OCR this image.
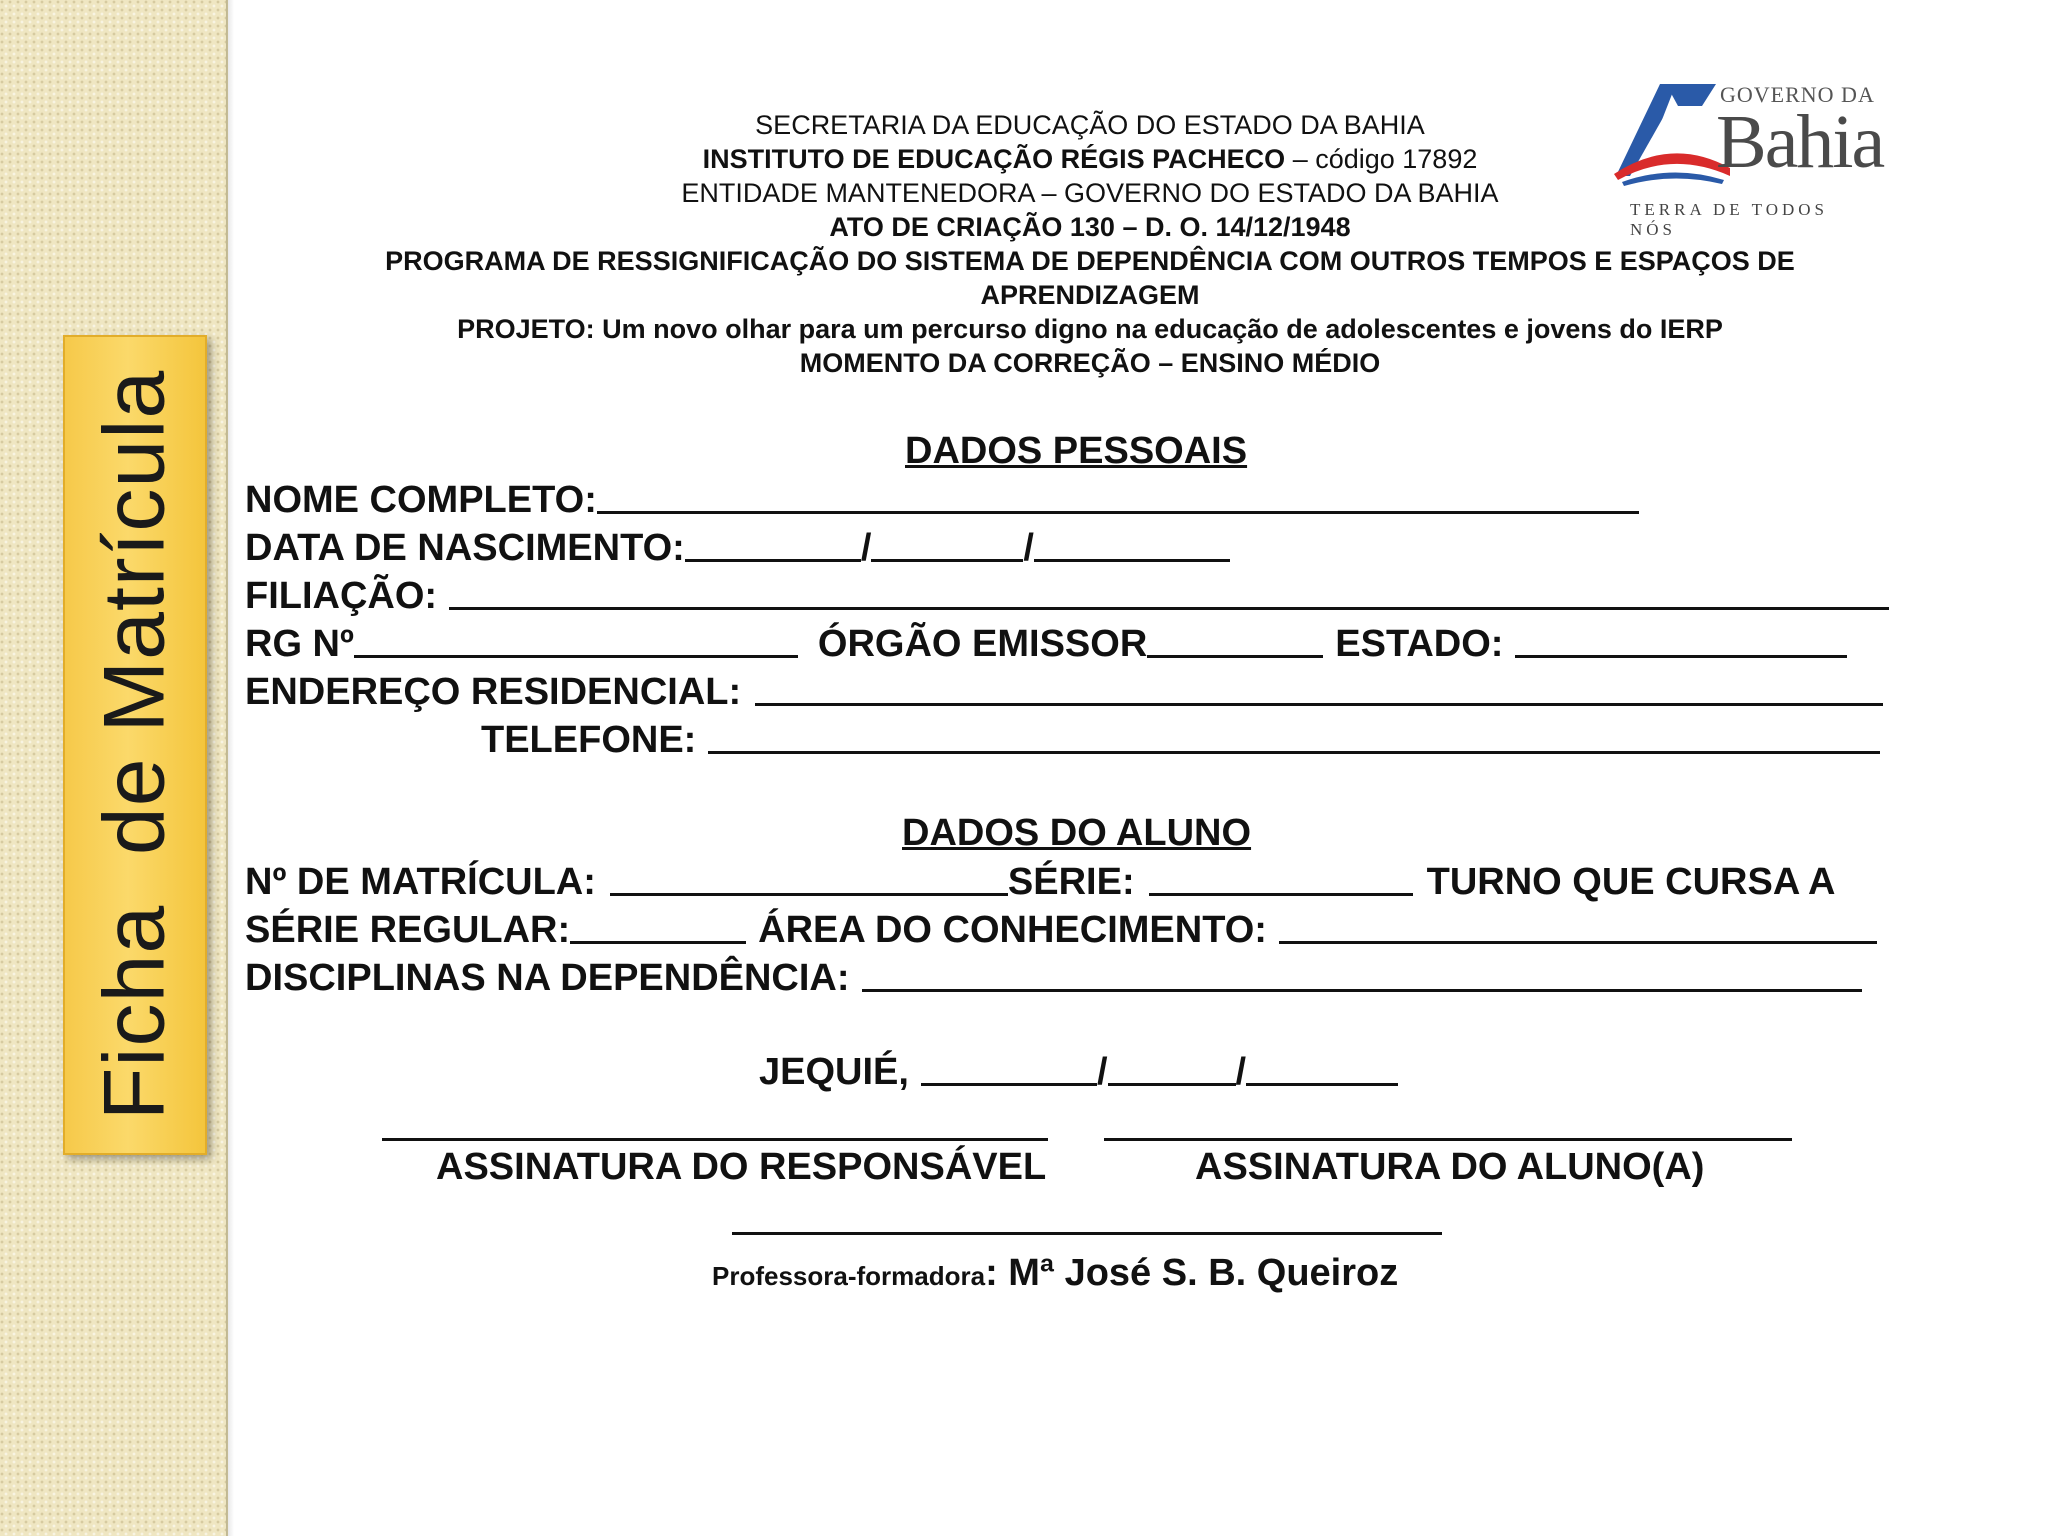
Ficha  de Matrícula
GOVERNO DA
Bahia
TERRA DE TODOS NÓS
SECRETARIA DA EDUCAÇÃO DO ESTADO DA BAHIA
INSTITUTO DE EDUCAÇÃO RÉGIS PACHECO – código 17892
ENTIDADE MANTENEDORA – GOVERNO DO ESTADO DA BAHIA
ATO DE CRIAÇÃO 130 – D. O. 14/12/1948
PROGRAMA DE RESSIGNIFICAÇÃO DO SISTEMA DE DEPENDÊNCIA COM OUTROS TEMPOS E ESPAÇOS DE
APRENDIZAGEM
PROJETO: Um novo olhar para um percurso digno na educação de adolescentes e jovens do IERP
MOMENTO DA CORREÇÃO – ENSINO MÉDIO
DADOS PESSOAIS
NOME COMPLETO:
DATA DE NASCIMENTO:	/	/
FILIAÇÃO:
RG Nº	ÓRGÃO EMISSOR	ESTADO:
ENDEREÇO RESIDENCIAL:
TELEFONE:
DADOS DO ALUNO
Nº DE MATRÍCULA:	SÉRIE:	TURNO QUE CURSA A
SÉRIE REGULAR:	ÁREA DO CONHECIMENTO:
DISCIPLINAS NA DEPENDÊNCIA:
JEQUIÉ,	/	/
ASSINATURA DO RESPONSÁVEL	ASSINATURA DO ALUNO(A)
Professora-formadora: Mª José S. B. Queiroz
